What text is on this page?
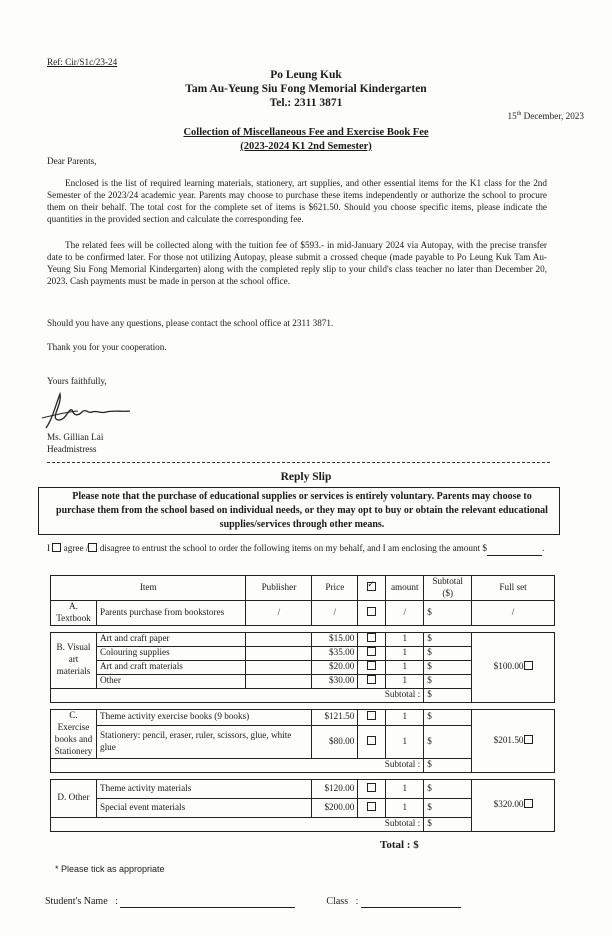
Ref: Cir/S1c/23-24
Po Leung Kuk
Tam Au-Yeung Siu Fong Memorial Kindergarten
Tel.: 2311 3871
15th December, 2023
Collection of Miscellaneous Fee and Exercise Book Fee
(2023-2024 K1 2nd Semester)
Dear Parents,
Enclosed is the list of required learning materials, stationery, art supplies, and other essential items for the K1 class for the 2nd Semester of the 2023/24 academic year. Parents may choose to purchase these items independently or authorize the school to procure them on their behalf. The total cost for the complete set of items is $621.50. Should you choose specific items, please indicate the quantities in the provided section and calculate the corresponding fee.
The related fees will be collected along with the tuition fee of $593.- in mid-January 2024 via Autopay, with the precise transfer date to be confirmed later. For those not utilizing Autopay, please submit a crossed cheque (made payable to Po Leung Kuk Tam Au-Yeung Siu Fong Memorial Kindergarten) along with the completed reply slip to your child's class teacher no later than December 20, 2023. Cash payments must be made in person at the school office.
Should you have any questions, please contact the school office at 2311 3871.
Thank you for your cooperation.
Yours faithfully,
Ms. Gillian Lai
Headmistress
Reply Slip
Please note that the purchase of educational supplies or services is entirely voluntary. Parents may choose to purchase them from the school based on individual needs, or they may opt to buy or obtain the relevant educational supplies/services through other means.
I  agree / disagree to entrust the school to order the following items on my behalf, and I am enclosing the amount $	.
Item		Publisher	Price	✓	amount	Subtotal ($)	Full set
A. Textbook	Parents purchase from bookstores	/	/		/	$	/

B. Visual art materials	Art and craft paper		$15.00		1	$	$100.00
	Colouring supplies		$35.00		1	$	
	Art and craft materials		$20.00		1	$	
	Other		$30.00		1	$	
Subtotal :						$	

C. Exercise books and Stationery	Theme activity exercise books (9 books)		$121.50		1	$	$201.50
	Stationery: pencil, eraser, ruler, scissors, glue, white glue		$80.00		1	$	
Subtotal :						$	

D. Other	Theme activity materials		$120.00		1	$	$320.00
	Special event materials		$200.00		1	$	
Subtotal :						$	
Total : $
* Please tick as appropriate
Student's Name :	Class :
